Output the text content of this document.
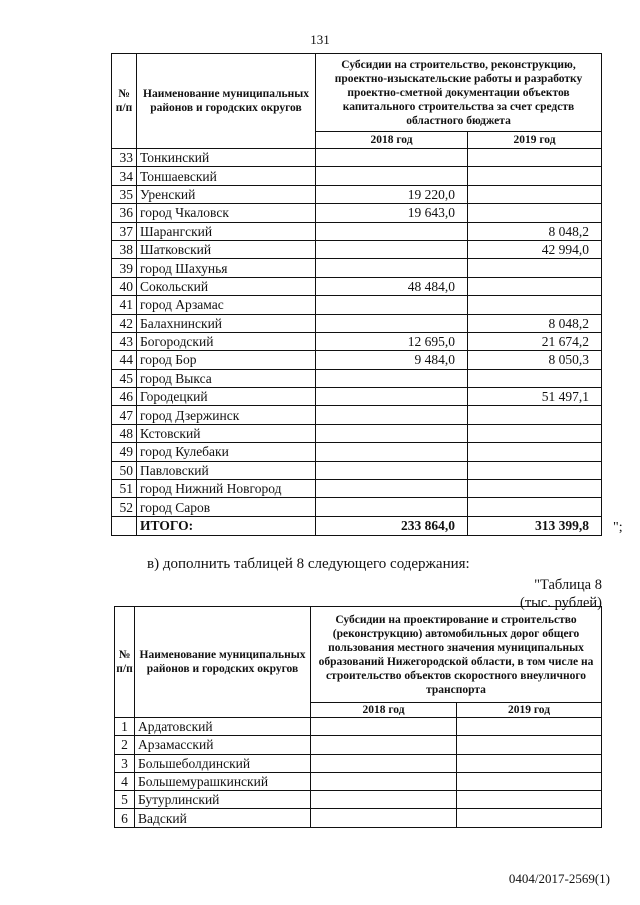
131
№ п/п	Наименование муниципальных районов и городских округов	Субсидии на строительство, реконструкцию, проектно-изыскательские работы и разработку проектно-сметной документации объектов капитального строительства за счет средств областного бюджета	
		2018 год	2019 год
33	Тонкинский		
34	Тоншаевский		
35	Уренский	19 220,0	
36	город Чкаловск	19 643,0	
37	Шарангский		8 048,2
38	Шатковский		42 994,0
39	город Шахунья		
40	Сокольский	48 484,0	
41	город Арзамас		
42	Балахнинский		8 048,2
43	Богородский	12 695,0	21 674,2
44	город Бор	9 484,0	8 050,3
45	город Выкса		
46	Городецкий		51 497,1
47	город Дзержинск		
48	Кстовский		
49	город Кулебаки		
50	Павловский		
51	город Нижний Новгород		
52	город Саров		
	ИТОГО:	233 864,0	313 399,8 ";
в) дополнить таблицей 8 следующего содержания:
"Таблица 8
(тыс. рублей)
№ п/п	Наименование муниципальных районов и городских округов	Субсидии на проектирование и строительство (реконструкцию) автомобильных дорог общего пользования местного значения муниципальных образований Нижегородской области, в том числе на строительство объектов скоростного внеуличного транспорта	
		2018 год	2019 год
1	Ардатовский		
2	Арзамасский		
3	Большеболдинский		
4	Большемурашкинский		
5	Бутурлинский		
6	Вадский		
0404/2017-2569(1)
